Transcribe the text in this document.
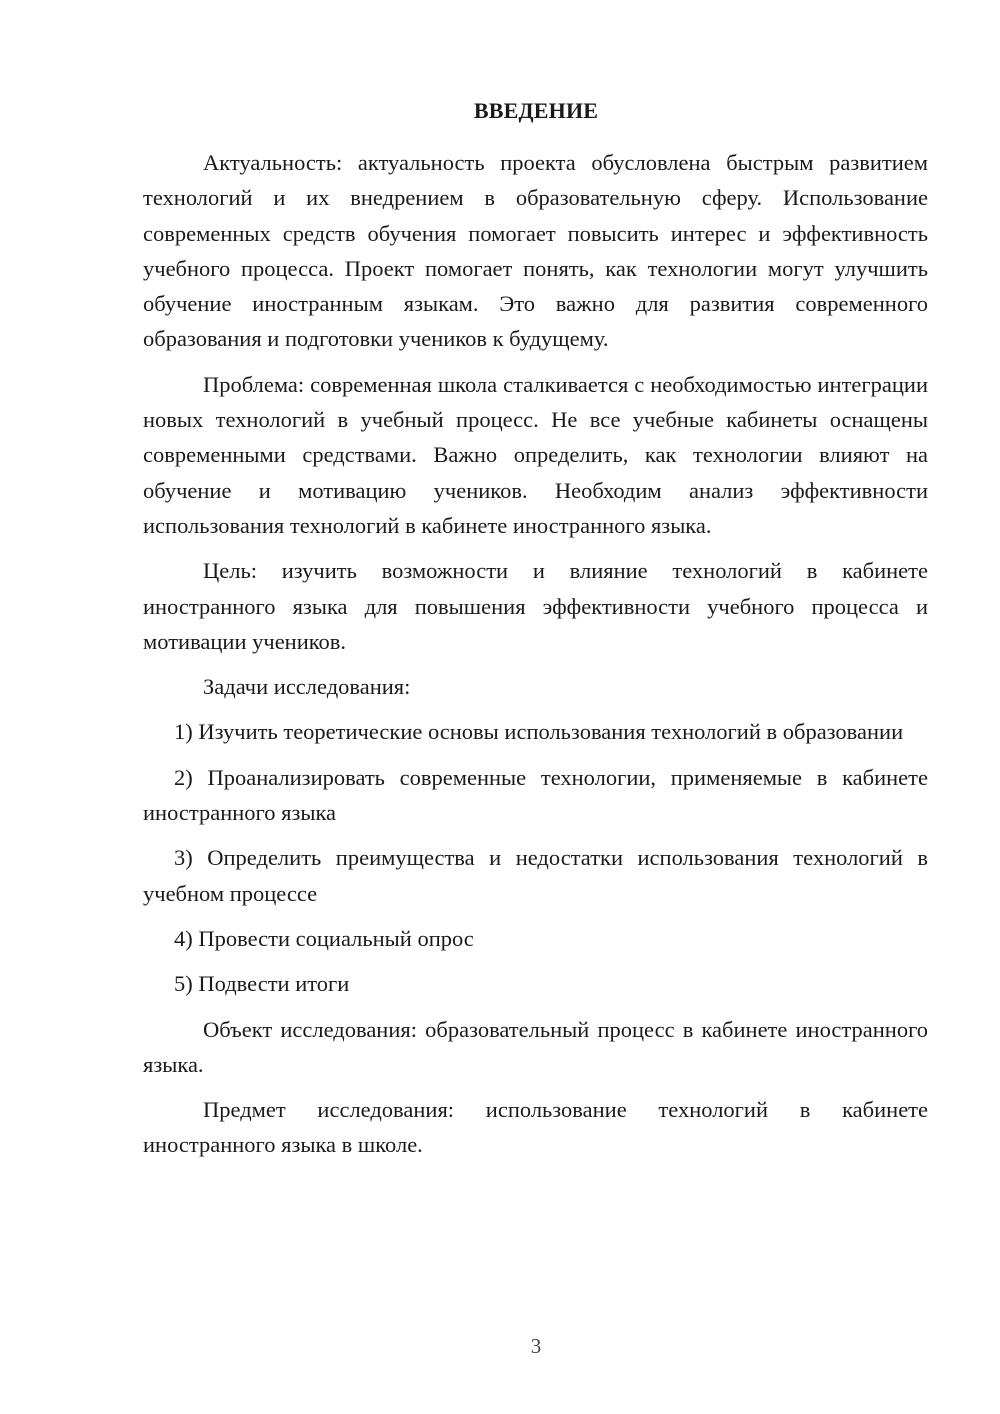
ВВЕДЕНИЕ

Актуальность: актуальность проекта обусловлена быстрым развитием технологий и их внедрением в образовательную сферу. Использование современных средств обучения помогает повысить интерес и эффективность учебного процесса. Проект помогает понять, как технологии могут улучшить обучение иностранным языкам. Это важно для развития современного образования и подготовки учеников к будущему.

Проблема: современная школа сталкивается с необходимостью интеграции новых технологий в учебный процесс. Не все учебные кабинеты оснащены современными средствами. Важно определить, как технологии влияют на обучение и мотивацию учеников. Необходим анализ эффективности использования технологий в кабинете иностранного языка.

Цель: изучить возможности и влияние технологий в кабинете иностранного языка для повышения эффективности учебного процесса и мотивации учеников.

Задачи исследования:

1) Изучить теоретические основы использования технологий в образовании

2) Проанализировать современные технологии, применяемые в кабинете иностранного языка

3) Определить преимущества и недостатки использования технологий в учебном процессе

4) Провести социальный опрос

5) Подвести итоги

Объект исследования: образовательный процесс в кабинете иностранного языка.

Предмет исследования: использование технологий в кабинете иностранного языка в школе.

3
